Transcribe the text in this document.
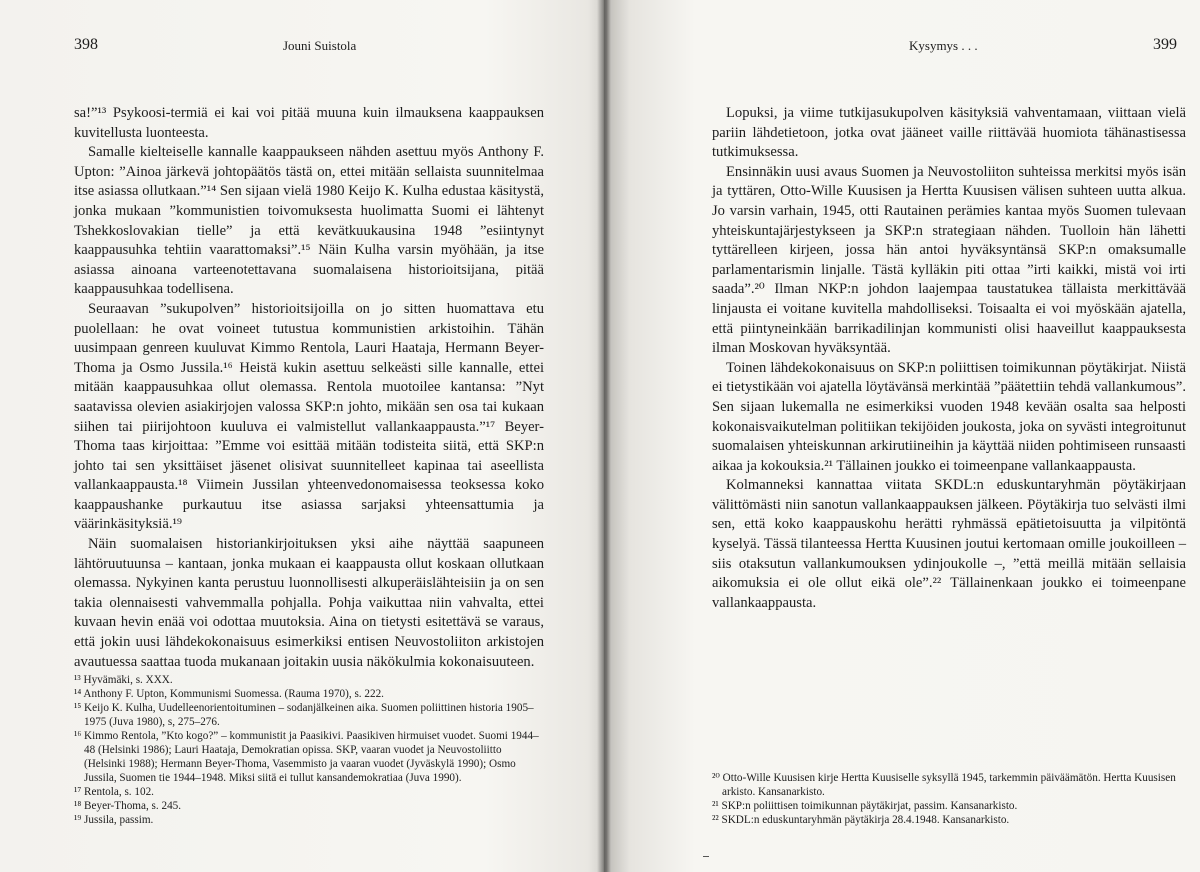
398	Jouni Suistola

sa!”¹³ Psykoosi-termiä ei kai voi pitää muuna kuin ilmauksena kaappauksen kuvitellusta luonteesta.

Samalle kielteiselle kannalle kaappaukseen nähden asettuu myös Anthony F. Upton: ”Ainoa järkevä johtopäätös tästä on, ettei mitään sellaista suunnitelmaa itse asiassa ollutkaan.”¹⁴ Sen sijaan vielä 1980 Keijo K. Kulha edustaa käsitystä, jonka mukaan ”kommunistien toivomuksesta huolimatta Suomi ei lähtenyt Tshekkoslovakian tielle” ja että kevätkuukausina 1948 ”esiintynyt kaappausuhka tehtiin vaarattomaksi”.¹⁵ Näin Kulha varsin myöhään, ja itse asiassa ainoana varteenotettavana suomalaisena historioitsijana, pitää kaappausuhkaa todellisena.

Seuraavan ”sukupolven” historioitsijoilla on jo sitten huomattava etu puolellaan: he ovat voineet tutustua kommunistien arkistoihin. Tähän uusimpaan genreen kuuluvat Kimmo Rentola, Lauri Haataja, Hermann Beyer-Thoma ja Osmo Jussila.¹⁶ Heistä kukin asettuu selkeästi sille kannalle, ettei mitään kaappausuhkaa ollut olemassa. Rentola muotoilee kantansa: ”Nyt saatavissa olevien asiakirjojen valossa SKP:n johto, mikään sen osa tai kukaan siihen tai piirijohtoon kuuluva ei valmistellut vallankaappausta.”¹⁷ Beyer-Thoma taas kirjoittaa: ”Emme voi esittää mitään todisteita siitä, että SKP:n johto tai sen yksittäiset jäsenet olisivat suunnitelleet kapinaa tai aseellista vallankaappausta.¹⁸ Viimein Jussilan yhteenvedonomaisessa teoksessa koko kaappaushanke purkautuu itse asiassa sarjaksi yhteensattumia ja väärinkäsityksiä.¹⁹

Näin suomalaisen historiankirjoituksen yksi aihe näyttää saapuneen lähtöruutuunsa – kantaan, jonka mukaan ei kaappausta ollut koskaan ollutkaan olemassa. Nykyinen kanta perustuu luonnollisesti alkuperäislähteisiin ja on sen takia olennaisesti vahvemmalla pohjalla. Pohja vaikuttaa niin vahvalta, ettei kuvaan hevin enää voi odottaa muutoksia. Aina on tietysti esitettävä se varaus, että jokin uusi lähdekokonaisuus esimerkiksi entisen Neuvostoliiton arkistojen avautuessa saattaa tuoda mukanaan joitakin uusia näkökulmia kokonaisuuteen.

¹³ Hyvämäki, s. XXX.

¹⁴ Anthony F. Upton, Kommunismi Suomessa. (Rauma 1970), s. 222.

¹⁵ Keijo K. Kulha, Uudelleenorientoituminen – sodanjälkeinen aika. Suomen poliittinen historia 1905–1975 (Juva 1980), s, 275–276.

¹⁶ Kimmo Rentola, ”Kto kogo?” – kommunistit ja Paasikivi. Paasikiven hirmuiset vuodet. Suomi 1944–48 (Helsinki 1986); Lauri Haataja, Demokratian opissa. SKP, vaaran vuodet ja Neuvostoliitto (Helsinki 1988); Hermann Beyer-Thoma, Vasemmisto ja vaaran vuodet (Jyväskylä 1990); Osmo Jussila, Suomen tie 1944–1948. Miksi siitä ei tullut kansandemokratiaa (Juva 1990).

¹⁷ Rentola, s. 102.

¹⁸ Beyer-Thoma, s. 245.

¹⁹ Jussila, passim.

Kysymys . . .	399

Lopuksi, ja viime tutkijasukupolven käsityksiä vahventamaan, viittaan vielä pariin lähdetietoon, jotka ovat jääneet vaille riittävää huomiota tähänastisessa tutkimuksessa.

Ensinnäkin uusi avaus Suomen ja Neuvostoliiton suhteissa merkitsi myös isän ja tyttären, Otto-Wille Kuusisen ja Hertta Kuusisen välisen suhteen uutta alkua. Jo varsin varhain, 1945, otti Rautainen perämies kantaa myös Suomen tulevaan yhteiskuntajärjestykseen ja SKP:n strategiaan nähden. Tuolloin hän lähetti tyttärelleen kirjeen, jossa hän antoi hyväksyntänsä SKP:n omaksumalle parlamentarismin linjalle. Tästä kylläkin piti ottaa ”irti kaikki, mistä voi irti saada”.²⁰ Ilman NKP:n johdon laajempaa taustatukea tällaista merkittävää linjausta ei voitane kuvitella mahdolliseksi. Toisaalta ei voi myöskään ajatella, että piintyneinkään barrikadilinjan kommunisti olisi haaveillut kaappauksesta ilman Moskovan hyväksyntää.

Toinen lähdekokonaisuus on SKP:n poliittisen toimikunnan pöytäkirjat. Niistä ei tietystikään voi ajatella löytävänsä merkintää ”päätettiin tehdä vallankumous”. Sen sijaan lukemalla ne esimerkiksi vuoden 1948 kevään osalta saa helposti kokonaisvaikutelman politiikan tekijöiden joukosta, joka on syvästi integroitunut suomalaisen yhteiskunnan arkirutiineihin ja käyttää niiden pohtimiseen runsaasti aikaa ja kokouksia.²¹ Tällainen joukko ei toimeenpane vallankaappausta.

Kolmanneksi kannattaa viitata SKDL:n eduskuntaryhmän pöytäkirjaan välittömästi niin sanotun vallankaappauksen jälkeen. Pöytäkirja tuo selvästi ilmi sen, että koko kaappauskohu herätti ryhmässä epätietoisuutta ja vilpitöntä kyselyä. Tässä tilanteessa Hertta Kuusinen joutui kertomaan omille joukoilleen – siis otaksutun vallankumouksen ydinjoukolle –, ”että meillä mitään sellaisia aikomuksia ei ole ollut eikä ole”.²² Tällainenkaan joukko ei toimeenpane vallankaappausta.

²⁰ Otto-Wille Kuusisen kirje Hertta Kuusiselle syksyllä 1945, tarkemmin päiväämätön. Hertta Kuusisen arkisto. Kansanarkisto.

²¹ SKP:n poliittisen toimikunnan päytäkirjat, passim. Kansanarkisto.

²² SKDL:n eduskuntaryhmän päytäkirja 28.4.1948. Kansanarkisto.
